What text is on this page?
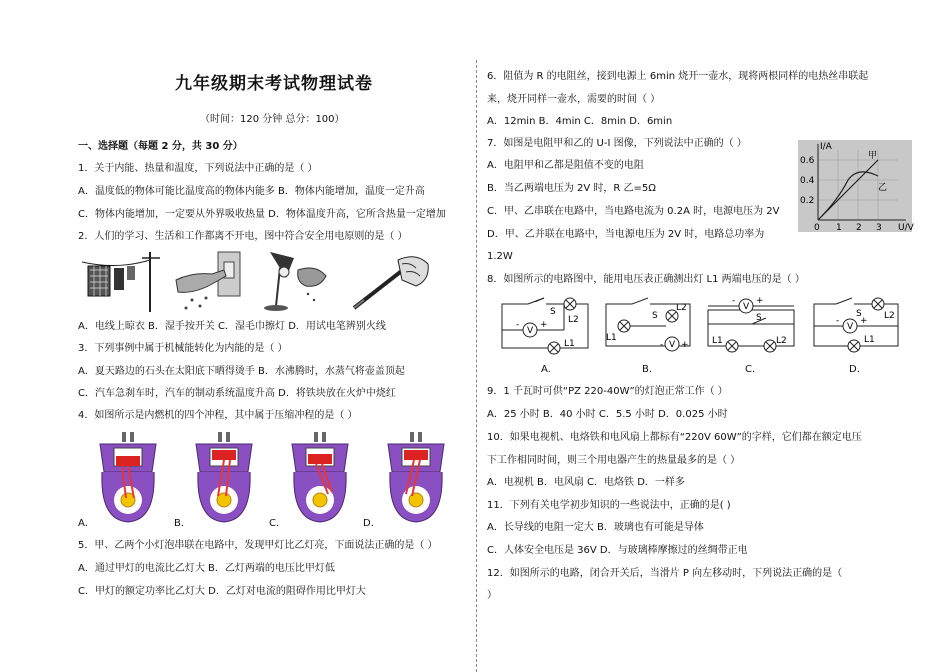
九年级期末考试物理试卷
（时间：120 分钟 总分：100）
一、选择题（每题 2 分，共 30 分）
1．关于内能、热量和温度，下列说法中正确的是（ ）
A．温度低的物体可能比温度高的物体内能多 B．物体内能增加，温度一定升高
C．物体内能增加，一定要从外界吸收热量 D．物体温度升高，它所含热量一定增加
2．人们的学习、生活和工作都离不开电，图中符合安全用电原则的是（ ）
A．电线上晾衣 B．湿手按开关 C．湿毛巾擦灯 D．用试电笔辨别火线
3．下列事例中属于机械能转化为内能的是（ ）
A．夏天路边的石头在太阳底下晒得烫手 B．水沸腾时，水蒸气将壶盖顶起
C．汽车急刹车时，汽车的制动系统温度升高 D．将铁块放在火炉中烧红
4．如图所示是内燃机的四个冲程，其中属于压缩冲程的是（ ）
A．	B．	C．	D．
5．甲、乙两个小灯泡串联在电路中，发现甲灯比乙灯亮，下面说法正确的是（ ）
A．通过甲灯的电流比乙灯大 B．乙灯两端的电压比甲灯低
C．甲灯的额定功率比乙灯大 D．乙灯对电流的阻碍作用比甲灯大
6．阻值为 R 的电阻丝，接到电源上 6min 烧开一壶水，现将两根同样的电热丝串联起
来，烧开同样一壶水，需要的时间（ ）
A．12min B．4min C．8min D．6min
7．如图是电阻甲和乙的 U-I 图像，下列说法中正确的（ ）
A．电阻甲和乙都是阻值不变的电阻
B．当乙两端电压为 2V 时，R 乙=5Ω
C．甲、乙串联在电路中，当电路电流为 0.2A 时，电源电压为 2V
D．甲、乙并联在电路中，当电源电压为 2V 时，电路总功率为
1.2W
I/A
U/V
0.6
0.4
0.2
0 1 2 3
甲
乙
8．如图所示的电路图中，能用电压表正确测出灯 L1 两端电压的是（ ）
V
- +
S
L2
L1	V
- +
S
L2
L1
V
- +
S
L1	L2
V
- +
S L2
L1
A.	B.	C.	D.
9．1 千瓦时可供“PZ 220-40W”的灯泡正常工作（ ）
A．25 小时 B．40 小时 C．5.5 小时 D．0.025 小时
10．如果电视机、电烙铁和电风扇上都标有“220V 60W”的字样，它们都在额定电压
下工作相同时间，则三个用电器产生的热量最多的是（ ）
A．电视机 B．电风扇 C．电烙铁 D．一样多
11．下列有关电学初步知识的一些说法中，正确的是( )
A．长导线的电阻一定大 B．玻璃也有可能是导体
C．人体安全电压是 36V D．与玻璃棒摩擦过的丝绸带正电
12．如图所示的电路，闭合开关后，当滑片 P 向左移动时，下列说法正确的是（
）
